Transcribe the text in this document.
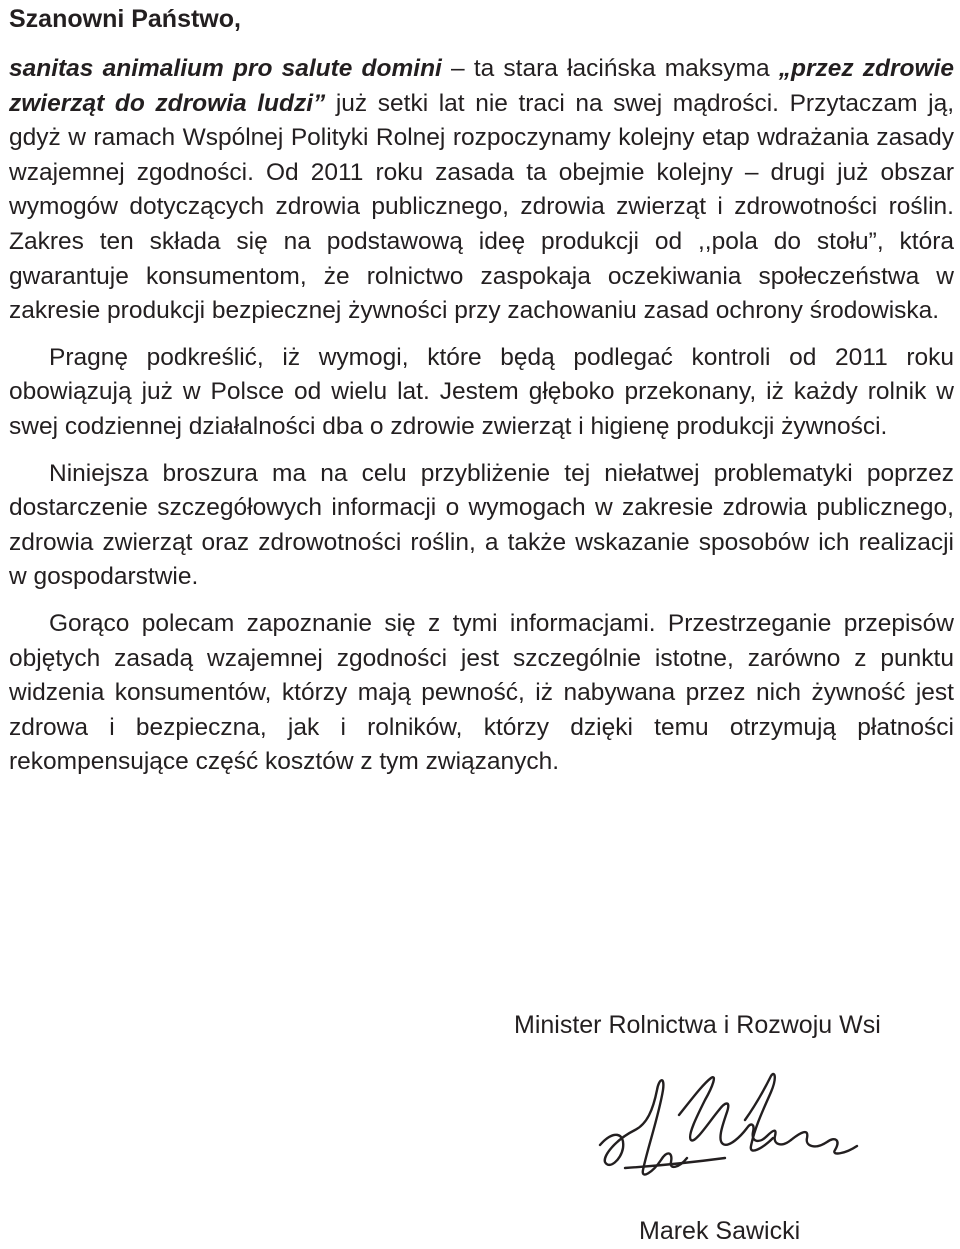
Szanowni Państwo,

sanitas animalium pro salute domini – ta stara łacińska maksyma „przez zdrowie zwierząt do zdrowia ludzi” już setki lat nie traci na swej mądrości. Przytaczam ją, gdyż w ramach Wspólnej Polityki Rolnej rozpoczynamy kolejny etap wdrażania zasady wzajemnej zgodności. Od 2011 roku zasada ta obejmie kolejny – drugi już obszar wymogów dotyczących zdrowia publicznego, zdrowia zwierząt i zdrowotności roślin. Zakres ten składa się na podstawową ideę produkcji od ,,pola do stołu”, która gwarantuje konsumentom, że rolnictwo zaspokaja oczekiwania społeczeństwa w zakresie produkcji bezpiecznej żywności przy zachowaniu zasad ochrony środowiska.

Pragnę podkreślić, iż wymogi, które będą podlegać kontroli od 2011 roku obowiązują już w Polsce od wielu lat. Jestem głęboko przekonany, iż każdy rolnik w swej codziennej działalności dba o zdrowie zwierząt i higienę produkcji żywności.

Niniejsza broszura ma na celu przybliżenie tej niełatwej problematyki poprzez dostarczenie szczegółowych informacji o wymogach w zakresie zdrowia publicznego, zdrowia zwierząt oraz zdrowotności roślin, a także wskazanie sposobów ich realizacji w gospodarstwie.

Gorąco polecam zapoznanie się z tymi informacjami. Przestrzeganie przepisów objętych zasadą wzajemnej zgodności jest szczególnie istotne, zarówno z punktu widzenia konsumentów, którzy mają pewność, iż nabywana przez nich żywność jest zdrowa i bezpieczna, jak i rolników, którzy dzięki temu otrzymują płatności rekompensujące część kosztów z tym związanych.

Minister Rolnictwa i Rozwoju Wsi
Marek Sawicki
